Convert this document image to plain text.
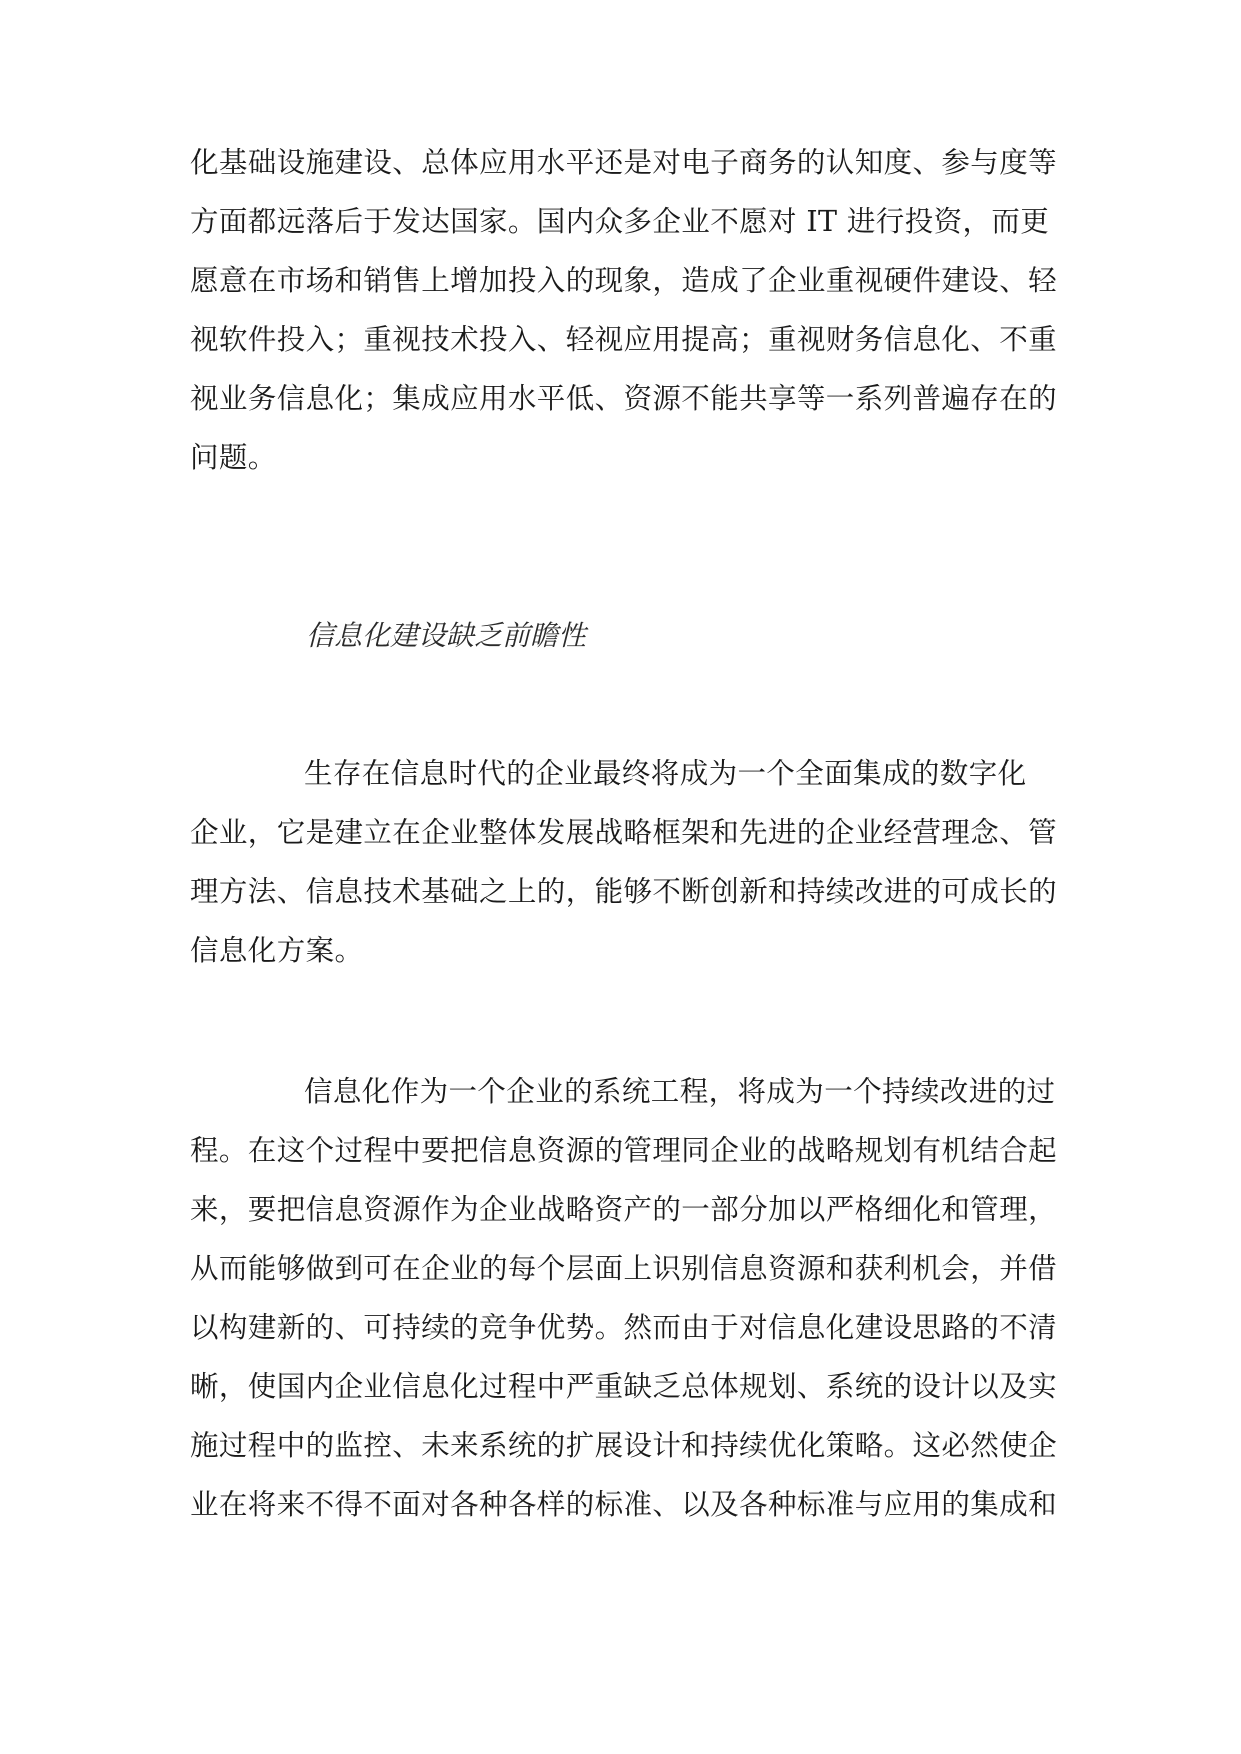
化基础设施建设、总体应用水平还是对电子商务的认知度、参与度等
方面都远落后于发达国家。国内众多企业不愿对 IT 进行投资，而更
愿意在市场和销售上增加投入的现象，造成了企业重视硬件建设、轻
视软件投入；重视技术投入、轻视应用提高；重视财务信息化、不重
视业务信息化；集成应用水平低、资源不能共享等一系列普遍存在的
问题。
信息化建设缺乏前瞻性
生存在信息时代的企业最终将成为一个全面集成的数字化
企业，它是建立在企业整体发展战略框架和先进的企业经营理念、管
理方法、信息技术基础之上的，能够不断创新和持续改进的可成长的
信息化方案。
信息化作为一个企业的系统工程，将成为一个持续改进的过
程。在这个过程中要把信息资源的管理同企业的战略规划有机结合起
来，要把信息资源作为企业战略资产的一部分加以严格细化和管理，
从而能够做到可在企业的每个层面上识别信息资源和获利机会，并借
以构建新的、可持续的竞争优势。然而由于对信息化建设思路的不清
晰，使国内企业信息化过程中严重缺乏总体规划、系统的设计以及实
施过程中的监控、未来系统的扩展设计和持续优化策略。这必然使企
业在将来不得不面对各种各样的标准、以及各种标准与应用的集成和
